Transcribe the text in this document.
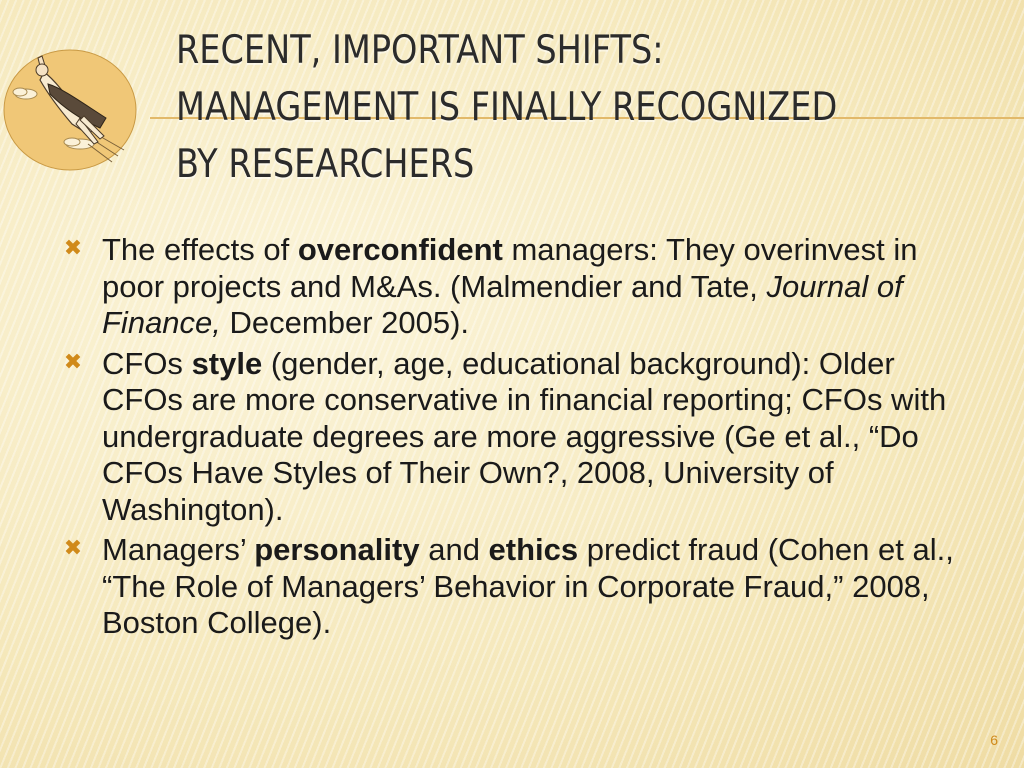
RECENT, IMPORTANT SHIFTS:
MANAGEMENT IS FINALLY RECOGNIZED
BY RESEARCHERS
✖ The effects of overconfident managers: They overinvest in poor projects and M&As. (Malmendier and Tate, Journal of Finance, December 2005).
✖ CFOs style (gender, age, educational background): Older CFOs are more conservative in financial reporting; CFOs with undergraduate degrees are more aggressive (Ge et al., “Do CFOs Have Styles of Their Own?, 2008, University of Washington).
✖ Managers’ personality and ethics predict fraud (Cohen et al., “The Role of Managers’ Behavior in Corporate Fraud,” 2008, Boston College).
6
